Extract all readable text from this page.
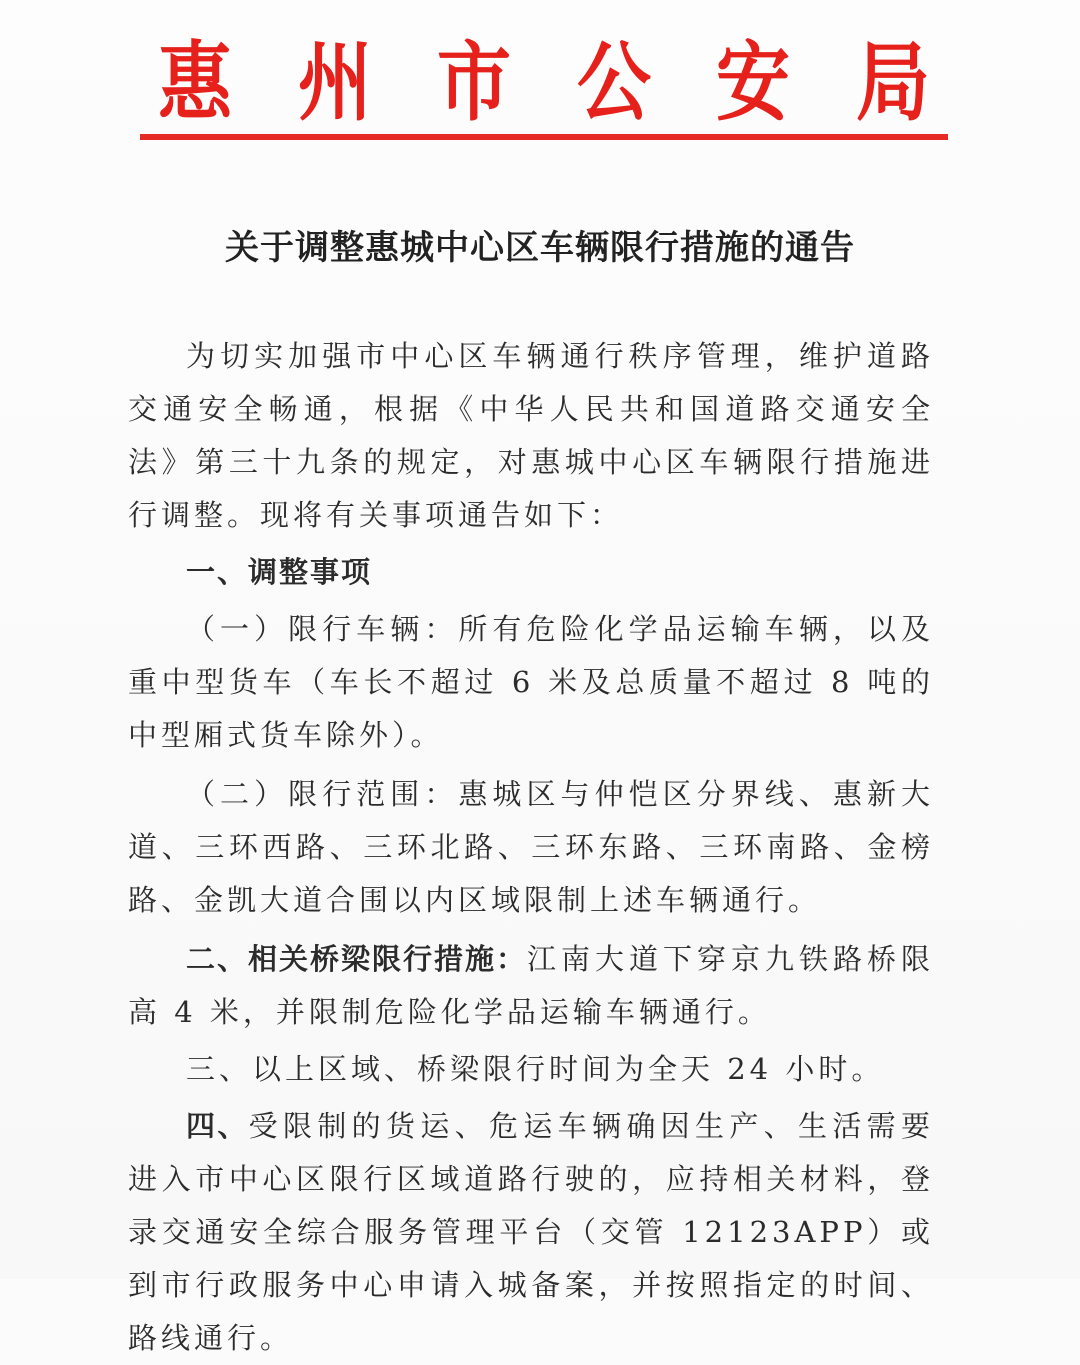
惠 州 市 公 安 局
关于调整惠城中心区车辆限行措施的通告

为切实加强市中心区车辆通行秩序管理，维护道路交通安全畅通，根据《中华人民共和国道路交通安全法》第三十九条的规定，对惠城中心区车辆限行措施进行调整。现将有关事项通告如下：

一、调整事项

（一）限行车辆：所有危险化学品运输车辆，以及重中型货车（车长不超过 6 米及总质量不超过 8 吨的中型厢式货车除外）。

（二）限行范围：惠城区与仲恺区分界线、惠新大道、三环西路、三环北路、三环东路、三环南路、金榜路、金凯大道合围以内区域限制上述车辆通行。

二、相关桥梁限行措施：江南大道下穿京九铁路桥限高 4 米，并限制危险化学品运输车辆通行。

三、以上区域、桥梁限行时间为全天 24 小时。

四、受限制的货运、危运车辆确因生产、生活需要进入市中心区限行区域道路行驶的，应持相关材料，登录交通安全综合服务管理平台（交管 12123APP）或到市行政服务中心申请入城备案，并按照指定的时间、路线通行。
